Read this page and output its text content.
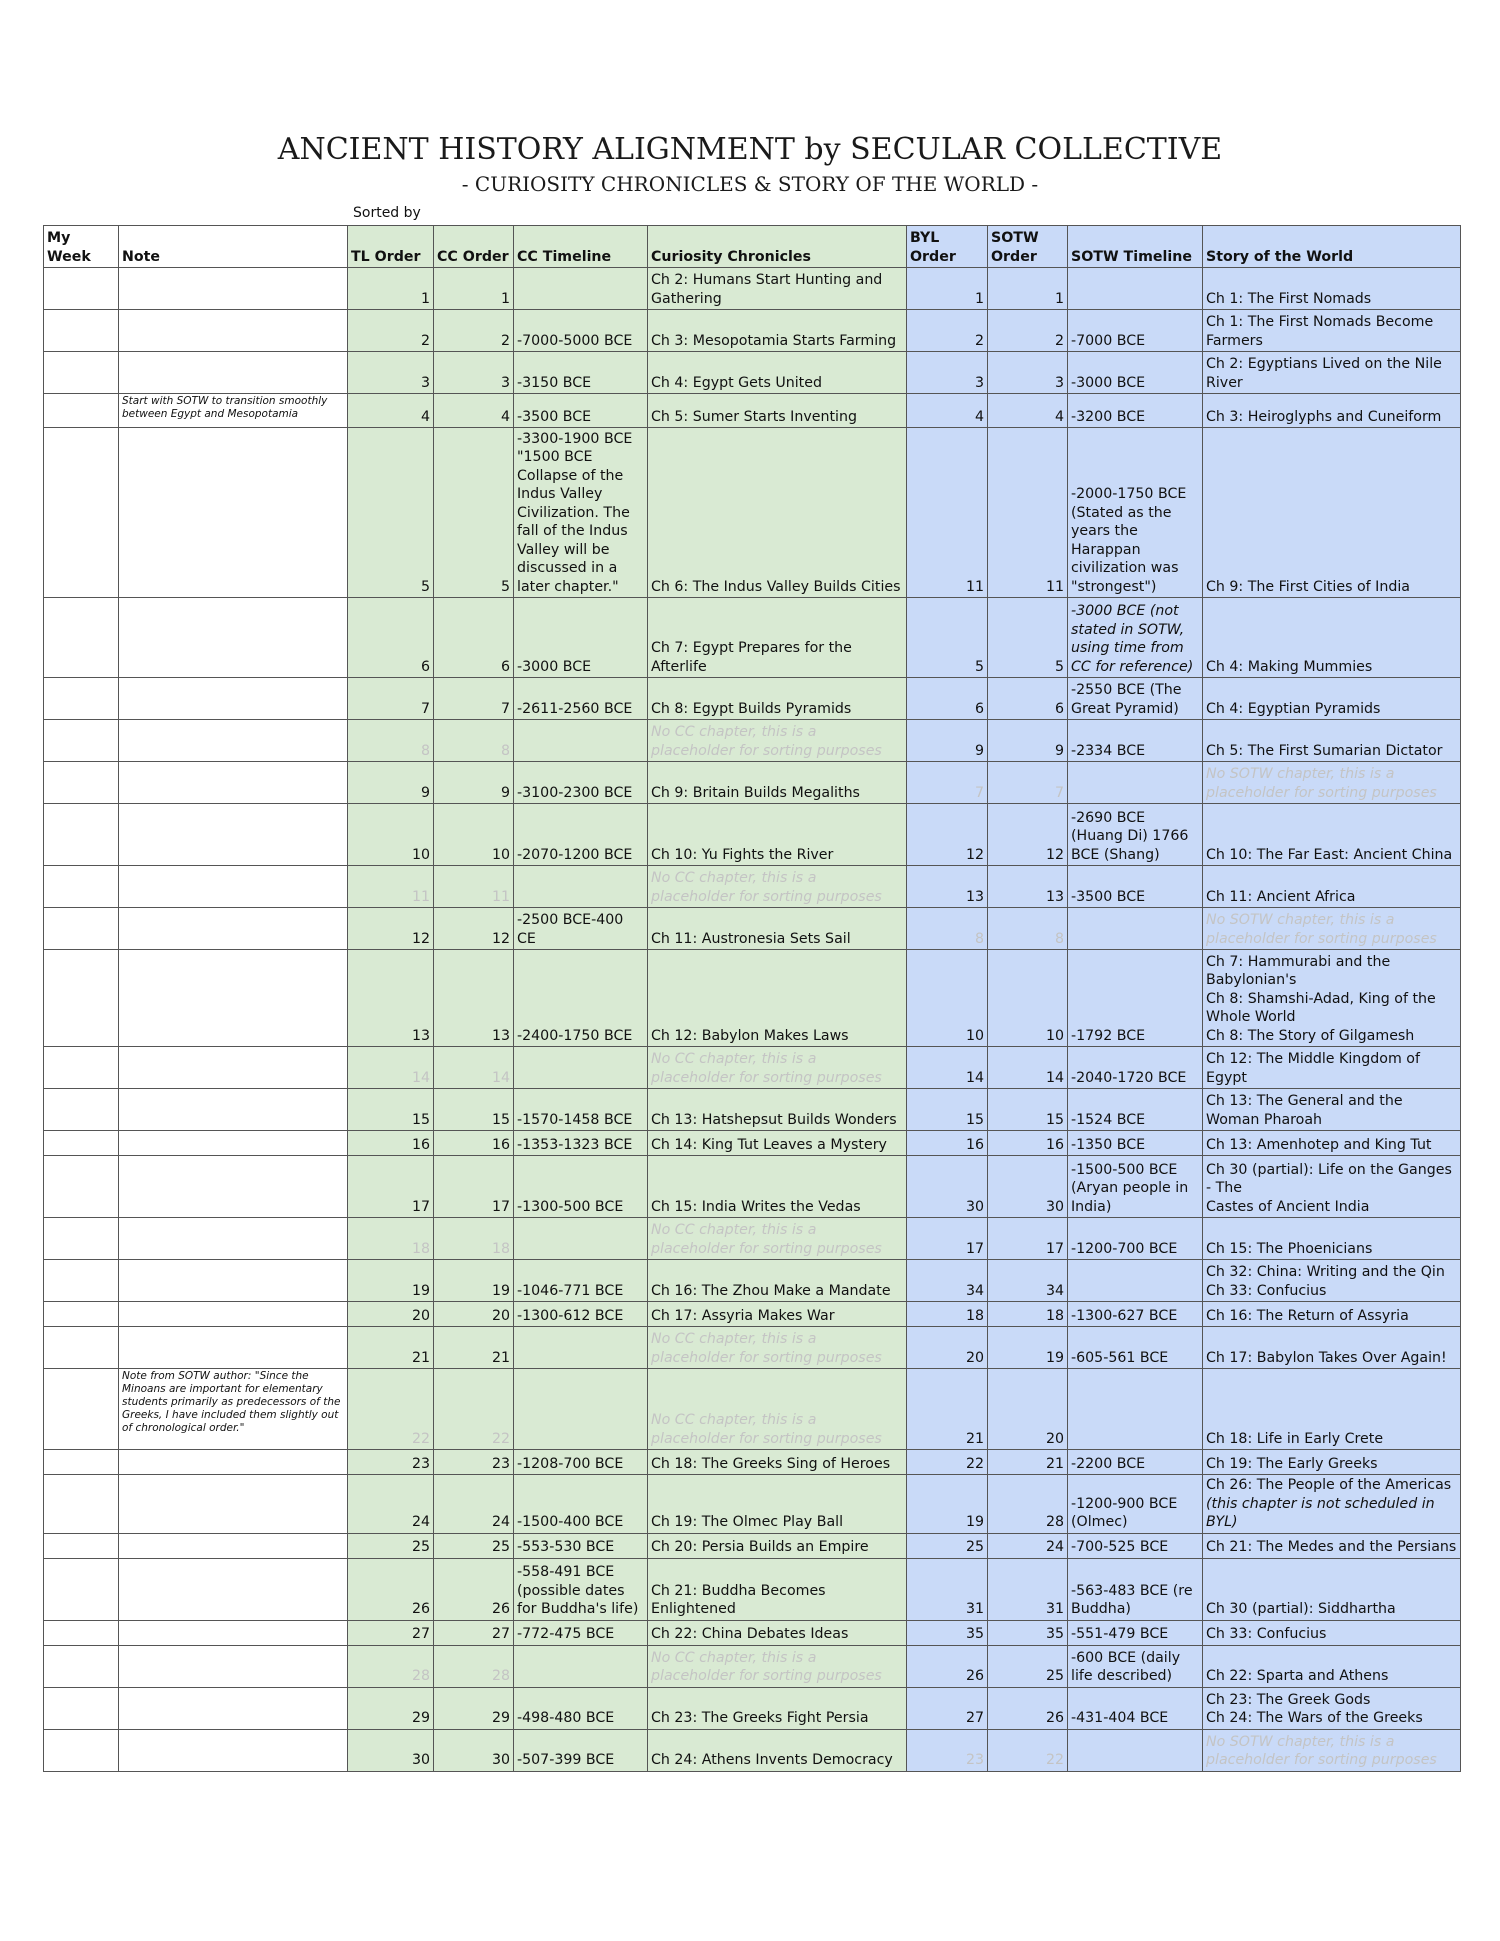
ANCIENT HISTORY ALIGNMENT by SECULAR COLLECTIVE
- CURIOSITY CHRONICLES & STORY OF THE WORLD -
Sorted by
My Week	Note	TL Order	CC Order	CC Timeline	Curiosity Chronicles	BYL Order	SOTW Order	SOTW Timeline	Story of the World
		1	1		Ch 2: Humans Start Hunting and Gathering	1	1		Ch 1: The First Nomads
		2	2	-7000-5000 BCE	Ch 3: Mesopotamia Starts Farming	2	2	-7000 BCE	Ch 1: The First Nomads Become Farmers
		3	3	-3150 BCE	Ch 4: Egypt Gets United	3	3	-3000 BCE	Ch 2: Egyptians Lived on the Nile River
	Start with SOTW to transition smoothly between Egypt and Mesopotamia	4	4	-3500 BCE	Ch 5: Sumer Starts Inventing	4	4	-3200 BCE	Ch 3: Heiroglyphs and Cuneiform
		5	5	-3300-1900 BCE "1500 BCE Collapse of the Indus Valley Civilization. The fall of the Indus Valley will be discussed in a later chapter."	Ch 6: The Indus Valley Builds Cities	11	11	-2000-1750 BCE (Stated as the years the Harappan civilization was "strongest")	Ch 9: The First Cities of India
		6	6	-3000 BCE	Ch 7: Egypt Prepares for the Afterlife	5	5	-3000 BCE (not stated in SOTW, using time from CC for reference)	Ch 4: Making Mummies
		7	7	-2611-2560 BCE	Ch 8: Egypt Builds Pyramids	6	6	-2550 BCE (The Great Pyramid)	Ch 4: Egyptian Pyramids
		8	8		No CC chapter, this is a placeholder for sorting purposes	9	9	-2334 BCE	Ch 5: The First Sumarian Dictator
		9	9	-3100-2300 BCE	Ch 9: Britain Builds Megaliths	7	7		No SOTW chapter, this is a placeholder for sorting purposes
		10	10	-2070-1200 BCE	Ch 10: Yu Fights the River	12	12	-2690 BCE (Huang Di) 1766 BCE (Shang)	Ch 10: The Far East: Ancient China
		11	11		No CC chapter, this is a placeholder for sorting purposes	13	13	-3500 BCE	Ch 11: Ancient Africa
		12	12	-2500 BCE-400 CE	Ch 11: Austronesia Sets Sail	8	8		No SOTW chapter, this is a placeholder for sorting purposes
		13	13	-2400-1750 BCE	Ch 12: Babylon Makes Laws	10	10	-1792 BCE	Ch 7: Hammurabi and the Babylonian's
Ch 8: Shamshi-Adad, King of the Whole World
Ch 8: The Story of Gilgamesh
		14	14		No CC chapter, this is a placeholder for sorting purposes	14	14	-2040-1720 BCE	Ch 12: The Middle Kingdom of Egypt
		15	15	-1570-1458 BCE	Ch 13: Hatshepsut Builds Wonders	15	15	-1524 BCE	Ch 13: The General and the Woman Pharoah
		16	16	-1353-1323 BCE	Ch 14: King Tut Leaves a Mystery	16	16	-1350 BCE	Ch 13: Amenhotep and King Tut
		17	17	-1300-500 BCE	Ch 15: India Writes the Vedas	30	30	-1500-500 BCE (Aryan people in India)	Ch 30 (partial): Life on the Ganges - The
Castes of Ancient India
		18	18		No CC chapter, this is a placeholder for sorting purposes	17	17	-1200-700 BCE	Ch 15: The Phoenicians
		19	19	-1046-771 BCE	Ch 16: The Zhou Make a Mandate	34	34		Ch 32: China: Writing and the Qin
Ch 33: Confucius
		20	20	-1300-612 BCE	Ch 17: Assyria Makes War	18	18	-1300-627 BCE	Ch 16: The Return of Assyria
		21	21		No CC chapter, this is a placeholder for sorting purposes	20	19	-605-561 BCE	Ch 17: Babylon Takes Over Again!
	Note from SOTW author: "Since the Minoans are important for elementary students primarily as predecessors of the Greeks, I have included them slightly out of chronological order."	22	22		No CC chapter, this is a placeholder for sorting purposes	21	20		Ch 18: Life in Early Crete
		23	23	-1208-700 BCE	Ch 18: The Greeks Sing of Heroes	22	21	-2200 BCE	Ch 19: The Early Greeks
		24	24	-1500-400 BCE	Ch 19: The Olmec Play Ball	19	28	-1200-900 BCE (Olmec)	Ch 26: The People of the Americas
(this chapter is not scheduled in BYL)
		25	25	-553-530 BCE	Ch 20: Persia Builds an Empire	25	24	-700-525 BCE	Ch 21: The Medes and the Persians
		26	26	-558-491 BCE (possible dates for Buddha's life)	Ch 21: Buddha Becomes Enlightened	31	31	-563-483 BCE (re Buddha)	Ch 30 (partial): Siddhartha
		27	27	-772-475 BCE	Ch 22: China Debates Ideas	35	35	-551-479 BCE	Ch 33: Confucius
		28	28		No CC chapter, this is a placeholder for sorting purposes	26	25	-600 BCE (daily life described)	Ch 22: Sparta and Athens
		29	29	-498-480 BCE	Ch 23: The Greeks Fight Persia	27	26	-431-404 BCE	Ch 23: The Greek Gods
Ch 24: The Wars of the Greeks
		30	30	-507-399 BCE	Ch 24: Athens Invents Democracy	23	22		No SOTW chapter, this is a placeholder for sorting purposes
